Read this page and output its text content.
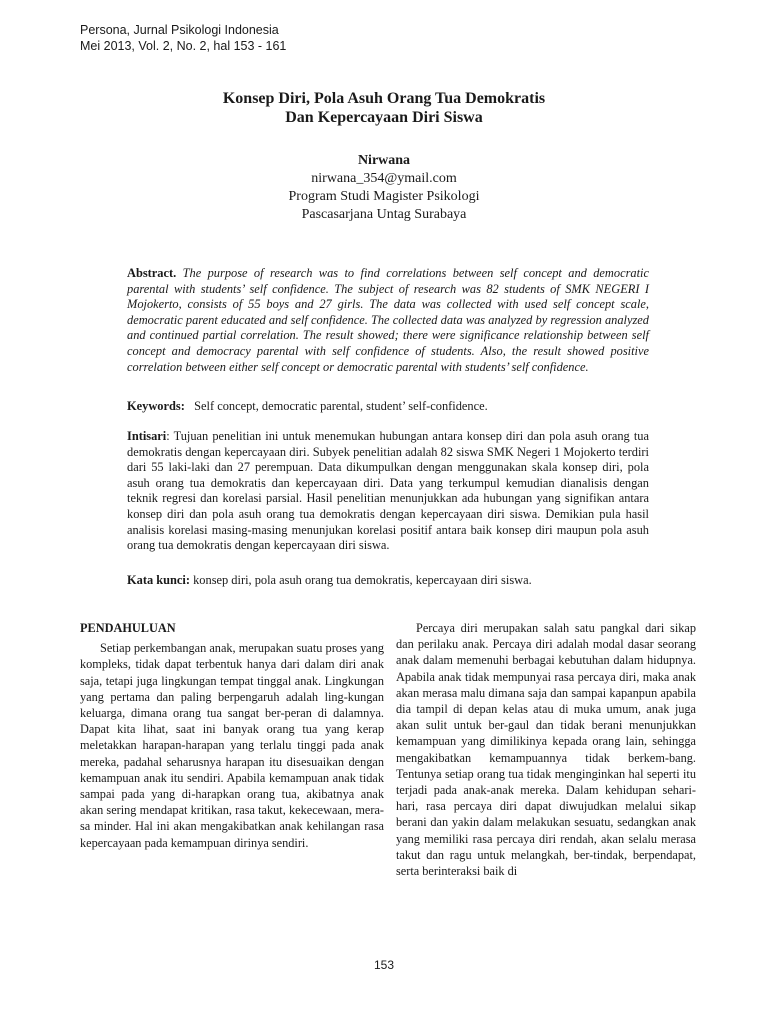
Persona, Jurnal Psikologi Indonesia
Mei 2013, Vol. 2, No. 2, hal 153 - 161
Konsep Diri, Pola Asuh Orang Tua Demokratis
Dan Kepercayaan Diri Siswa
Nirwana
nirwana_354@ymail.com
Program Studi Magister Psikologi
Pascasarjana Untag Surabaya
Abstract. The purpose of research was to find correlations between self concept and democratic parental with students’ self confidence. The subject of research was 82 students of SMK NEGERI I Mojokerto, consists of 55 boys and 27 girls. The data was collected with used self concept scale, democratic parent educated and self confidence. The collected data was analyzed by regression analyzed and continued partial correlation. The result showed; there were significance relationship between self concept and democracy parental with self confidence of students. Also, the result showed positive correlation between either self concept or democratic parental with students’ self confidence.
Keywords: Self concept, democratic parental, student’ self-confidence.
Intisari: Tujuan penelitian ini untuk menemukan hubungan antara konsep diri dan pola asuh orang tua demokratis dengan kepercayaan diri. Subyek penelitian adalah 82 siswa SMK Negeri 1 Mojokerto terdiri dari 55 laki-laki dan 27 perempuan. Data dikumpulkan dengan menggunakan skala konsep diri, pola asuh orang tua demokratis dan kepercayaan diri. Data yang terkumpul kemudian dianalisis dengan teknik regresi dan korelasi parsial. Hasil penelitian menunjukkan ada hubungan yang signifikan antara konsep diri dan pola asuh orang tua demokratis dengan kepercayaan diri siswa. Demikian pula hasil analisis korelasi masing-masing menunjukan korelasi positif antara baik konsep diri maupun pola asuh orang tua demokratis dengan kepercayaan diri siswa.
Kata kunci: konsep diri, pola asuh orang tua demokratis, kepercayaan diri siswa.
PENDAHULUAN

Setiap perkembangan anak, merupakan suatu proses yang kompleks, tidak dapat terbentuk hanya dari dalam diri anak saja, tetapi juga lingkungan tempat tinggal anak. Lingkungan yang pertama dan paling berpengaruh adalah ling-kungan keluarga, dimana orang tua sangat ber-peran di dalamnya. Dapat kita lihat, saat ini banyak orang tua yang kerap meletakkan harapan-harapan yang terlalu tinggi pada anak mereka, padahal seharusnya harapan itu disesuaikan dengan kemampuan anak itu sendiri. Apabila kemampuan anak tidak sampai pada yang di-harapkan orang tua, akibatnya anak akan sering mendapat kritikan, rasa takut, kekecewaan, mera-sa minder. Hal ini akan mengakibatkan anak kehilangan rasa kepercayaan pada kemampuan dirinya sendiri.

Percaya diri merupakan salah satu pangkal dari sikap dan perilaku anak. Percaya diri adalah modal dasar seorang anak dalam memenuhi berbagai kebutuhan dalam hidupnya. Apabila anak tidak mempunyai rasa percaya diri, maka anak akan merasa malu dimana saja dan sampai kapanpun apabila dia tampil di depan kelas atau di muka umum, anak juga akan sulit untuk ber-gaul dan tidak berani menunjukkan kemampuan yang dimilikinya kepada orang lain, sehingga mengakibatkan kemampuannya tidak berkem-bang. Tentunya setiap orang tua tidak menginginkan hal seperti itu terjadi pada anak-anak mereka. Dalam kehidupan sehari-hari, rasa percaya diri dapat diwujudkan melalui sikap berani dan yakin dalam melakukan sesuatu, sedangkan anak yang memiliki rasa percaya diri rendah, akan selalu merasa takut dan ragu untuk melangkah, ber-tindak, berpendapat, serta berinteraksi baik di

153
